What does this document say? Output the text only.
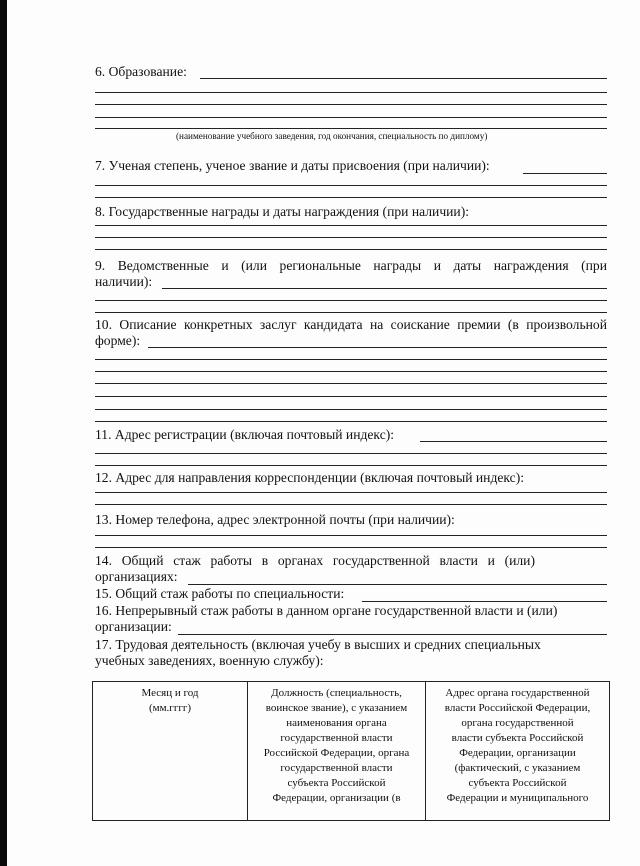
6. Образование:
(наименование учебного заведения, год окончания, специальность по диплому)
7. Ученая степень, ученое звание и даты присвоения (при наличии):
8. Государственные награды и даты награждения (при наличии):
9. Ведомственные и (или региональные награды и даты награждения (при
наличии):
10. Описание конкретных заслуг кандидата на соискание премии (в произвольной
форме):
11. Адрес регистрации (включая почтовый индекс):
12. Адрес для направления корреспонденции (включая почтовый индекс):
13. Номер телефона, адрес электронной почты (при наличии):
14. Общий стаж работы в органах государственной власти и (или)
организациях:
15. Общий стаж работы по специальности:
16. Непрерывный стаж работы в данном органе государственной власти и (или)
организации:
17. Трудовая деятельность (включая учебу в высших и средних специальных
учебных заведениях, военную службу):
Месяц и год
(мм.гггг)

Должность (специальность,
воинское звание), с указанием
наименования органа
государственной власти
Российской Федерации, органа
государственной власти
субъекта Российской
Федерации, организации (в

Адрес органа государственной
власти Российской Федерации,
органа государственной
власти субъекта Российской
Федерации, организации
(фактический, с указанием
субъекта Российской
Федерации и муниципального
